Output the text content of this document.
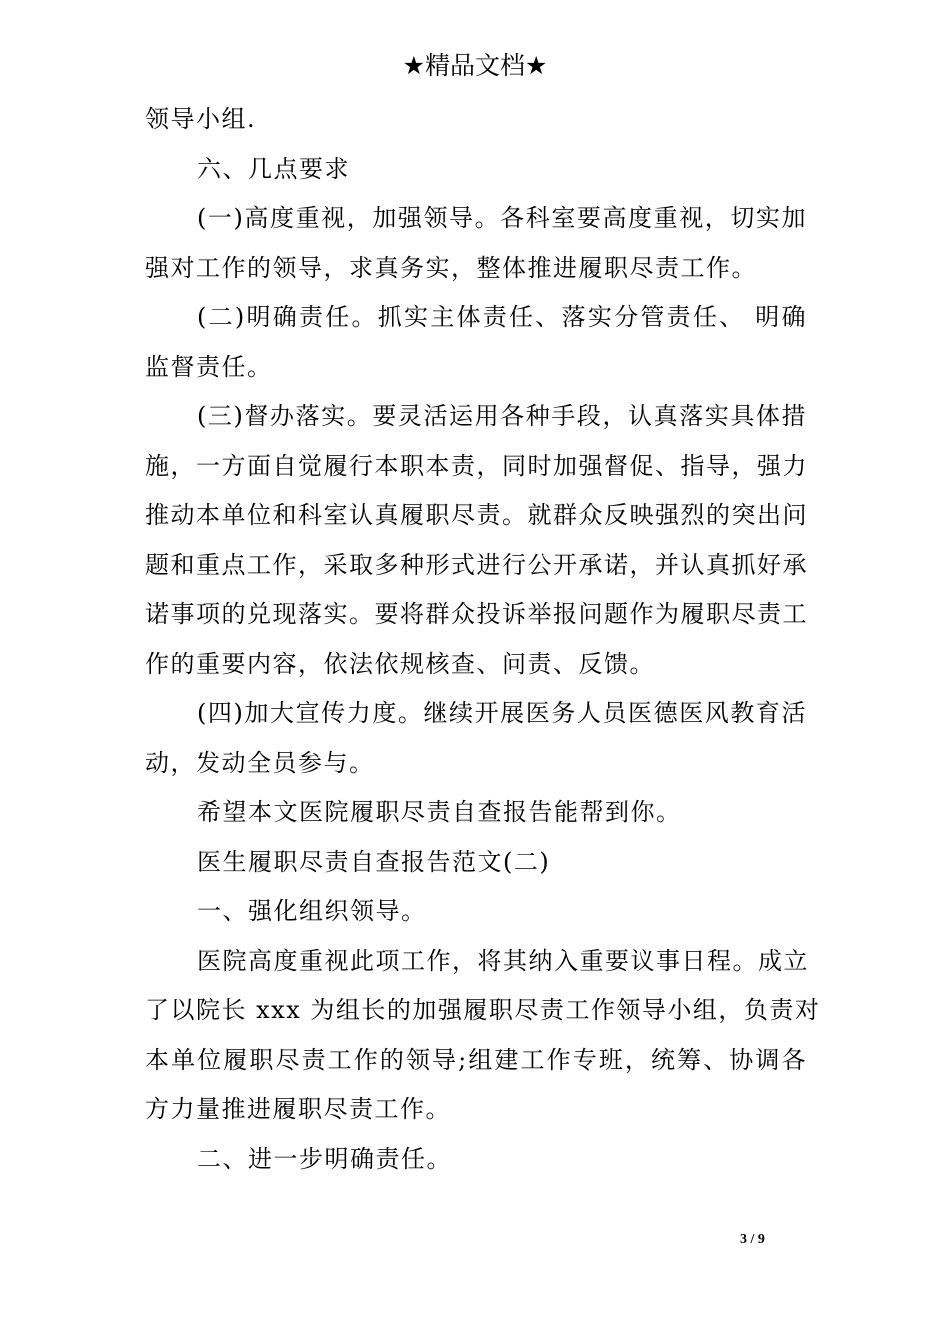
★精品文档★
领导小组.
六、几点要求
(一)高度重视，加强领导。各科室要高度重视，切实加
强对工作的领导，求真务实，整体推进履职尽责工作。
(二)明确责任。抓实主体责任、落实分管责任、 明确
监督责任。
(三)督办落实。要灵活运用各种手段，认真落实具体措
施，一方面自觉履行本职本责，同时加强督促、指导，强力
推动本单位和科室认真履职尽责。就群众反映强烈的突出问
题和重点工作，采取多种形式进行公开承诺，并认真抓好承
诺事项的兑现落实。要将群众投诉举报问题作为履职尽责工
作的重要内容，依法依规核查、问责、反馈。
(四)加大宣传力度。继续开展医务人员医德医风教育活
动，发动全员参与。
希望本文医院履职尽责自查报告能帮到你。
医生履职尽责自查报告范文(二)
一、强化组织领导。
医院高度重视此项工作，将其纳入重要议事日程。成立
了以院长 xxx 为组长的加强履职尽责工作领导小组，负责对
本单位履职尽责工作的领导;组建工作专班，统筹、协调各
方力量推进履职尽责工作。
二、进一步明确责任。
3 / 9
